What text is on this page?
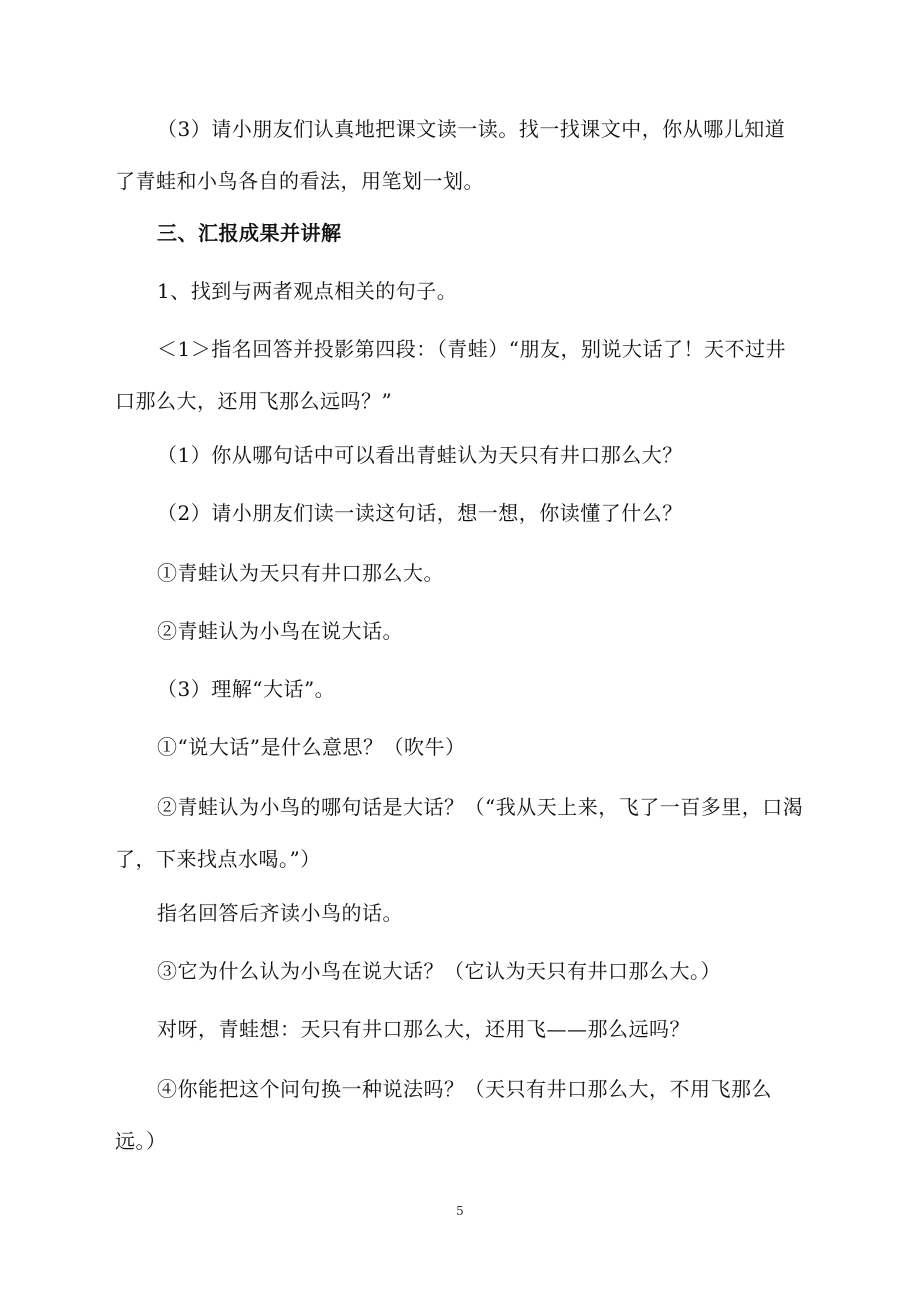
（3）请小朋友们认真地把课文读一读。找一找课文中，你从哪儿知道了青蛙和小鸟各自的看法，用笔划一划。
三、汇报成果并讲解
1、找到与两者观点相关的句子。
＜1＞指名回答并投影第四段：（青蛙）“朋友，别说大话了！天不过井口那么大，还用飞那么远吗？”
（1）你从哪句话中可以看出青蛙认为天只有井口那么大？
（2）请小朋友们读一读这句话，想一想，你读懂了什么？
①青蛙认为天只有井口那么大。
②青蛙认为小鸟在说大话。
（3）理解“大话”。
①“说大话”是什么意思？（吹牛）
②青蛙认为小鸟的哪句话是大话？（“我从天上来，飞了一百多里，口渴了，下来找点水喝。”）
指名回答后齐读小鸟的话。
③它为什么认为小鸟在说大话？（它认为天只有井口那么大。）
对呀，青蛙想：天只有井口那么大，还用飞——那么远吗？
④你能把这个问句换一种说法吗？（天只有井口那么大，不用飞那么远。）
5
